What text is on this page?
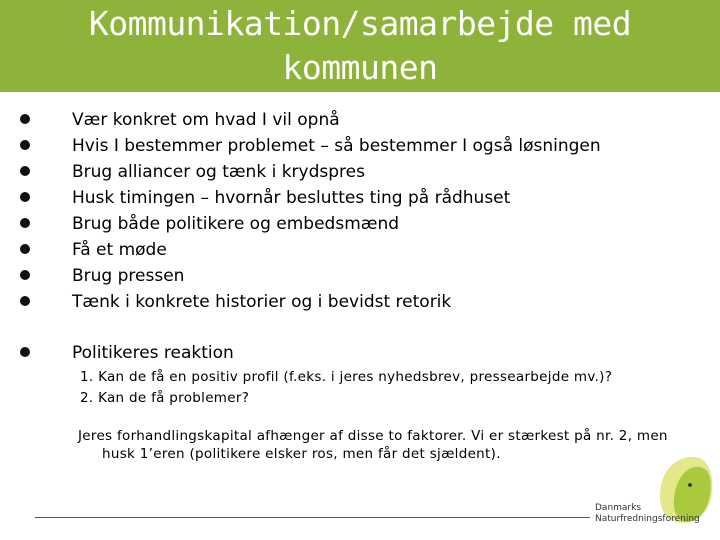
Kommunikation/samarbejde med
kommunen
Vær konkret om hvad I vil opnå
Hvis I bestemmer problemet – så bestemmer I også løsningen
Brug alliancer og tænk i krydspres
Husk timingen – hvornår besluttes ting på rådhuset
Brug både politikere og embedsmænd
Få et møde
Brug pressen
Tænk i konkrete historier og i bevidst retorik
Politikeres reaktion
1. Kan de få en positiv profil (f.eks. i jeres nyhedsbrev, pressearbejde mv.)?
2. Kan de få problemer?
Jeres forhandlingskapital afhænger af disse to faktorer. Vi er stærkest på nr. 2, men
husk 1’eren (politikere elsker ros, men får det sjældent).
Danmarks
Naturfredningsforening
